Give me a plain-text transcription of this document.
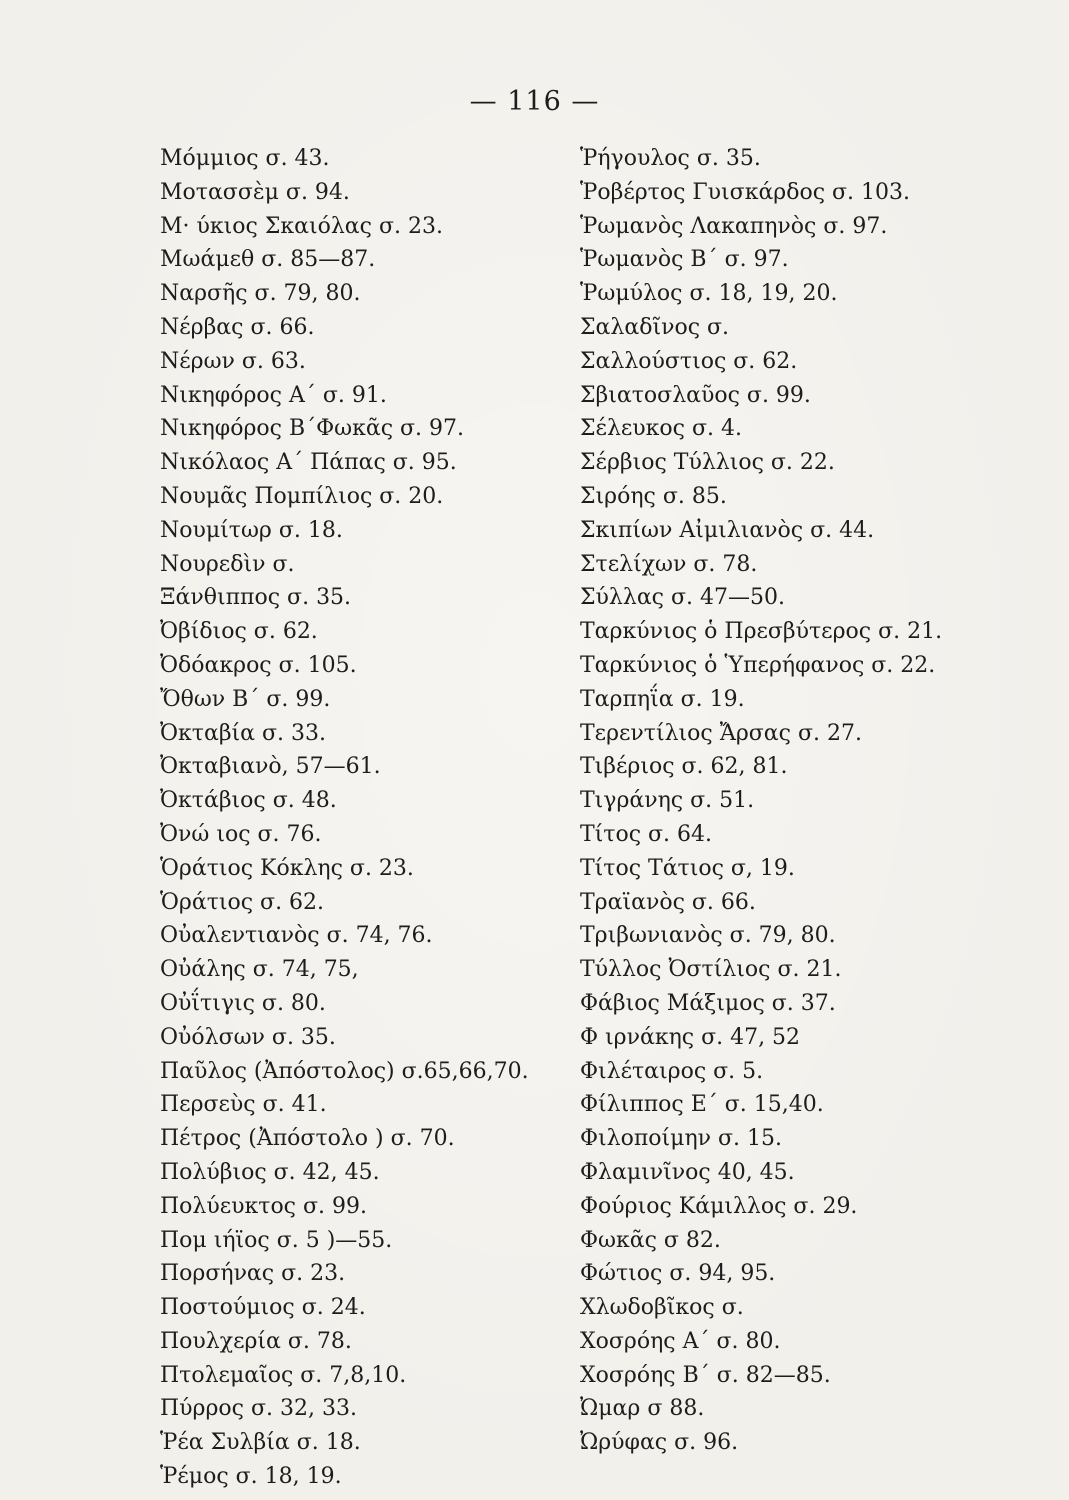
— 116 —
Μόμμιος σ. 43.
Μοτασσὲμ σ. 94.
Μ· ύκιος Σκαιόλας σ. 23.
Μωάμεθ σ. 85—87.
Ναρσῆς σ. 79, 80.
Νέρβας σ. 66.
Νέρων σ. 63.
Νικηφόρος Α΄ σ. 91.
Νικηφόρος Β΄Φωκᾶς σ. 97.
Νικόλαος Α΄ Πάπας σ. 95.
Νουμᾶς Πομπίλιος σ. 20.
Νουμίτωρ σ. 18.
Νουρεδὶν σ.
Ξάνθιππος σ. 35.
Ὀβίδιος σ. 62.
Ὀδόακρος σ. 105.
Ὄθων Β΄ σ. 99.
Ὀκταβία σ. 33.
Ὀκταβιανὸ, 57—61.
Ὀκτάβιος σ. 48.
Ὀνώ ιος σ. 76.
Ὁράτιος Κόκλης σ. 23.
Ὁράτιος σ. 62.
Οὐαλεντιανὸς σ. 74, 76.
Οὐάλης σ. 74, 75,
Οὐΐτιγις σ. 80.
Οὐόλσων σ. 35.
Παῦλος (Ἀπόστολος) σ.65,66,70.
Περσεὺς σ. 41.
Πέτρος (Ἀπόστολο ) σ. 70.
Πολύβιος σ. 42, 45.
Πολύευκτος σ. 99.
Πομ ιήϊος σ. 5 )—55.
Πορσήνας σ. 23.
Ποστούμιος σ. 24.
Πουλχερία σ. 78.
Πτολεμαῖος σ. 7,8,10.
Πύρρος σ. 32, 33.
Ῥέα Συλβία σ. 18.
Ῥέμος σ. 18, 19.
Ῥήγουλος σ. 35.
Ῥοβέρτος Γυισκάρδος σ. 103.
Ῥωμανὸς Λακαπηνὸς σ. 97.
Ῥωμανὸς Β΄ σ. 97.
Ῥωμύλος σ. 18, 19, 20.
Σαλαδῖνος σ.
Σαλλούστιος σ. 62.
Σβιατοσλαῦος σ. 99.
Σέλευκος σ. 4.
Σέρβιος Τύλλιος σ. 22.
Σιρόης σ. 85.
Σκιπίων Αἰμιλιανὸς σ. 44.
Στελίχων σ. 78.
Σύλλας σ. 47—50.
Ταρκύνιος ὁ Πρεσβύτερος σ. 21.
Ταρκύνιος ὁ Ὑπερήφανος σ. 22.
Ταρπηΐα σ. 19.
Τερεντίλιος Ἄρσας σ. 27.
Τιβέριος σ. 62, 81.
Τιγράνης σ. 51.
Τίτος σ. 64.
Τίτος Τάτιος σ, 19.
Τραϊανὸς σ. 66.
Τριβωνιανὸς σ. 79, 80.
Τύλλος Ὀστίλιος σ. 21.
Φάβιος Μάξιμος σ. 37.
Φ ιρνάκης σ. 47, 52
Φιλέταιρος σ. 5.
Φίλιππος Ε΄ σ. 15,40.
Φιλοποίμην σ. 15.
Φλαμινῖνος 40, 45.
Φούριος Κάμιλλος σ. 29.
Φωκᾶς σ 82.
Φώτιος σ. 94, 95.
Χλωδοβῖκος σ.
Χοσρόης Α΄ σ. 80.
Χοσρόης Β΄ σ. 82—85.
Ὠμαρ σ 88.
Ὠρύφας σ. 96.
